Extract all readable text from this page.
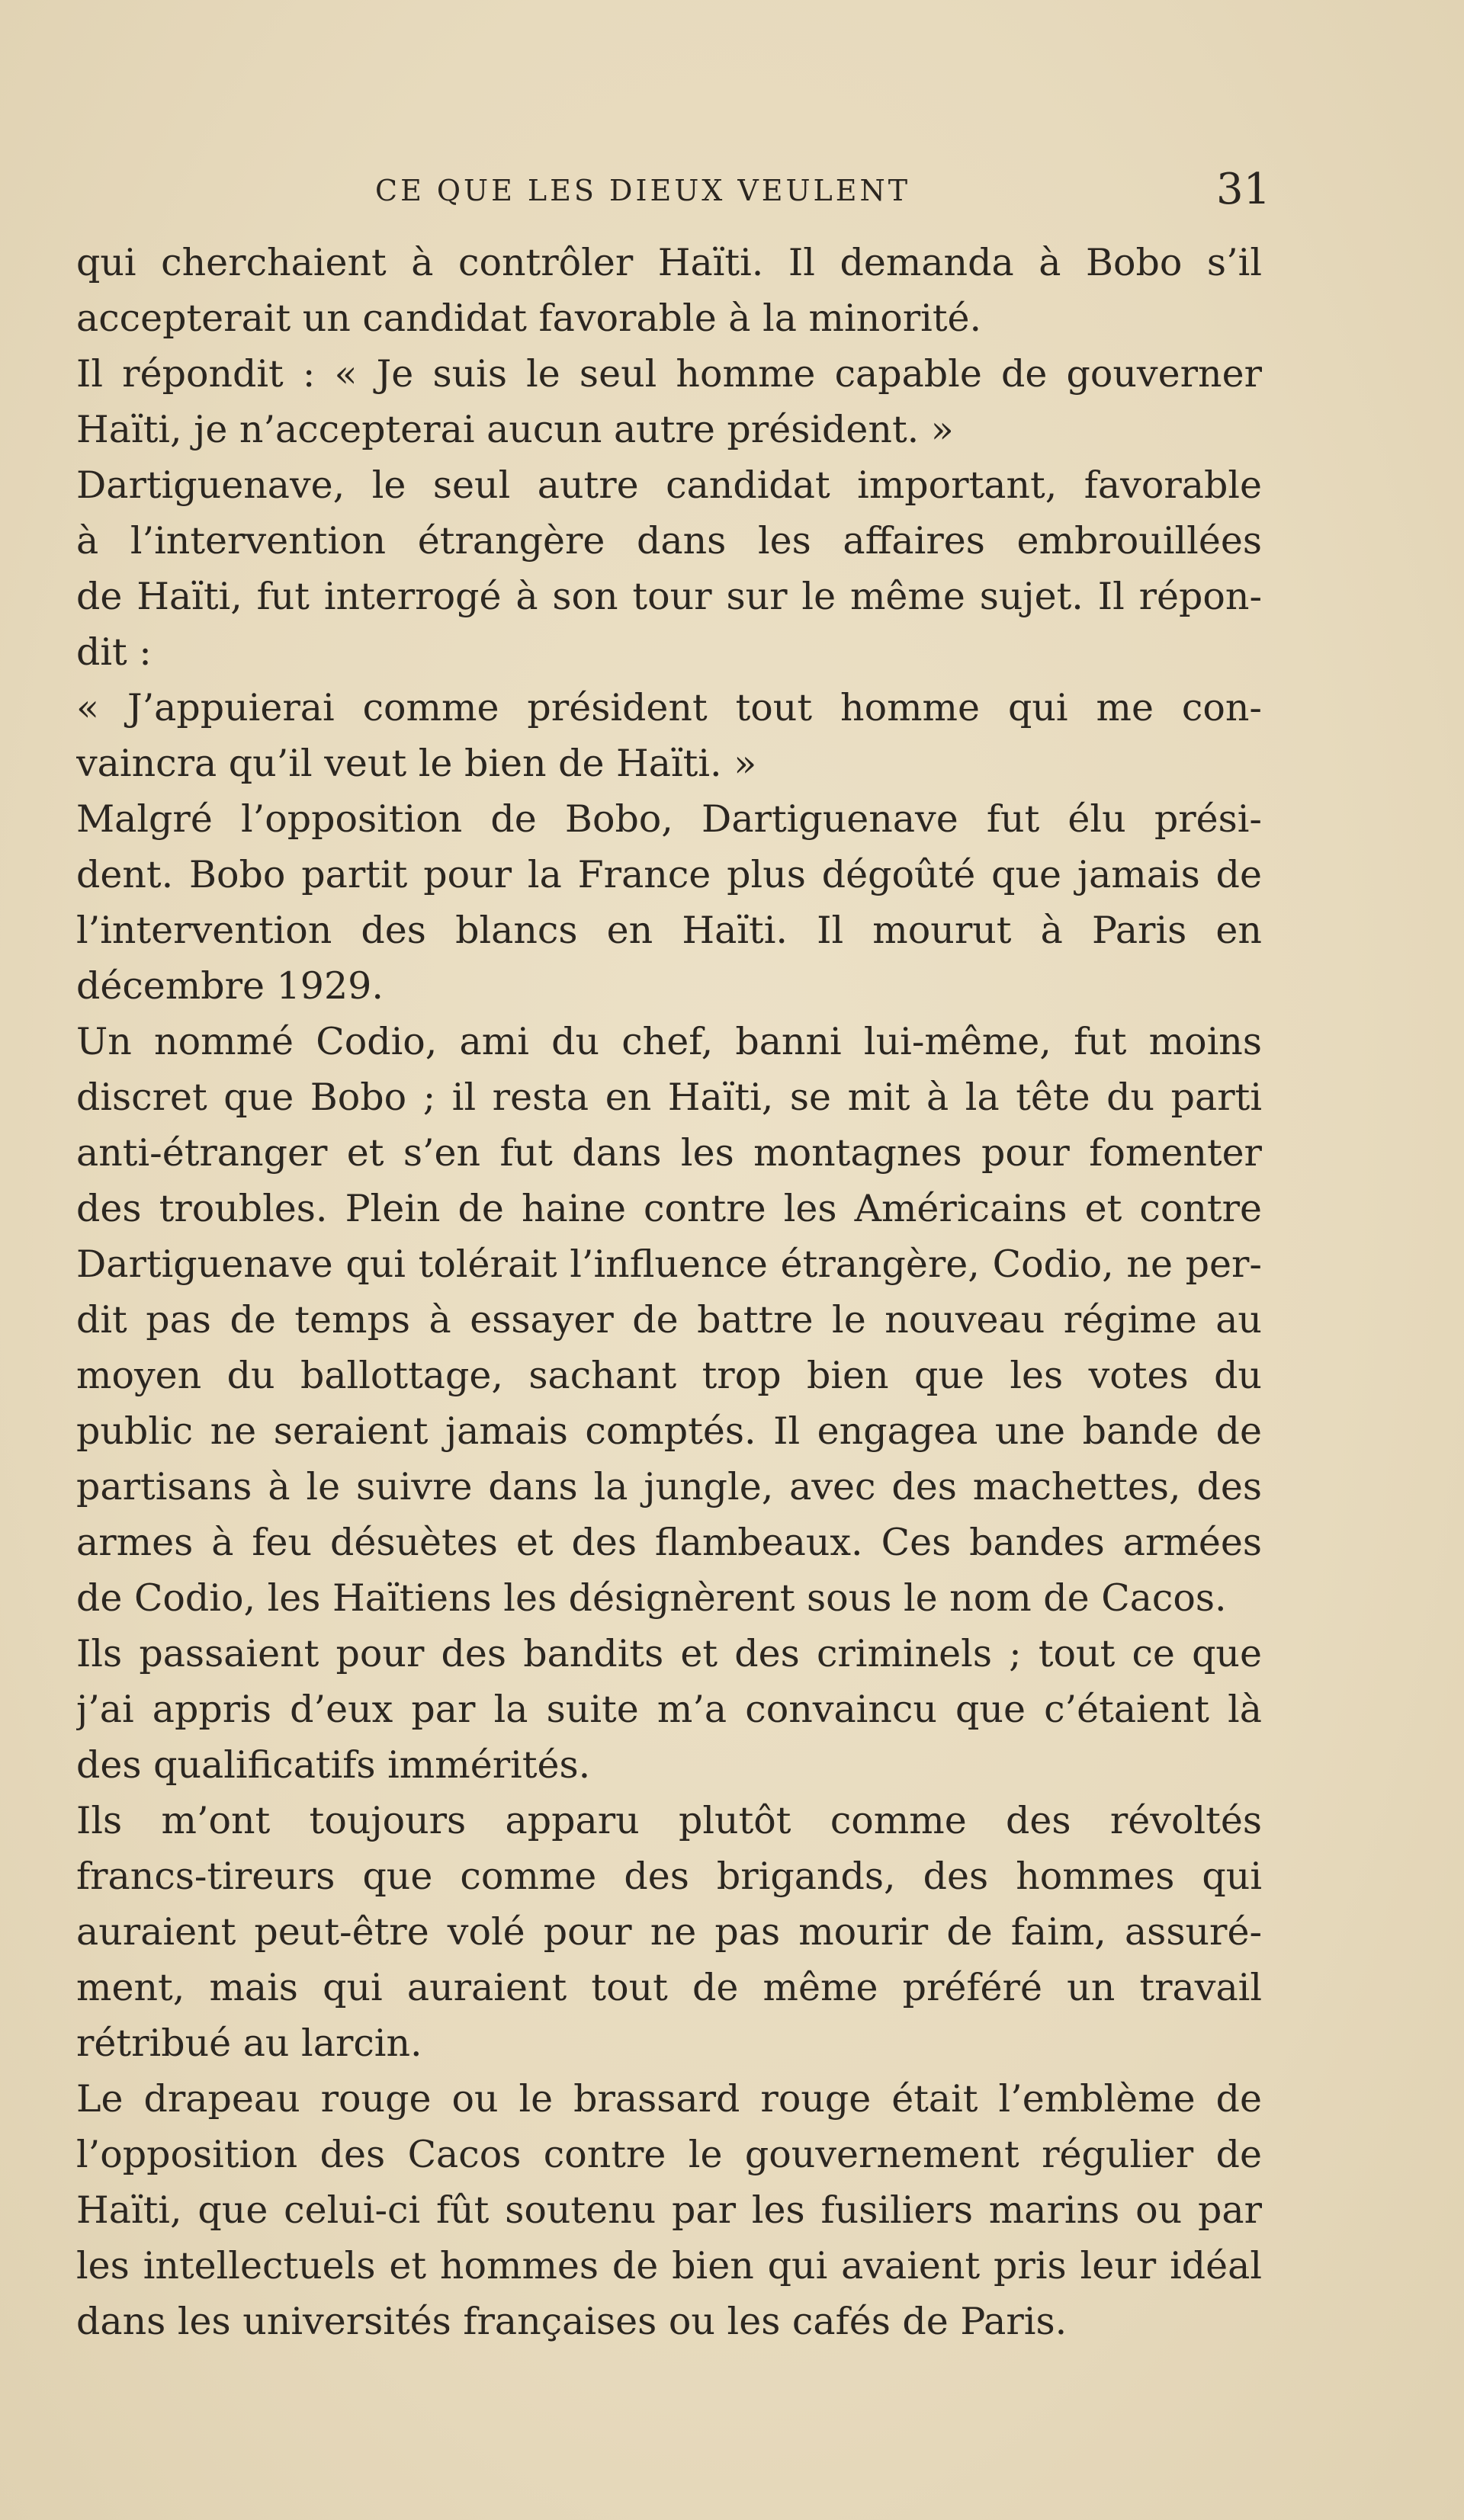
CE QUE LES DIEUX VEULENT	31
qui cherchaient à contrôler Haïti. Il demanda à Bobo s’il
accepterait un candidat favorable à la minorité.
Il répondit : « Je suis le seul homme capable de gouverner
Haïti, je n’accepterai aucun autre président. »
Dartiguenave, le seul autre candidat important, favorable
à l’intervention étrangère dans les affaires embrouillées
de Haïti, fut interrogé à son tour sur le même sujet. Il répon-
dit :
« J’appuierai comme président tout homme qui me con-
vaincra qu’il veut le bien de Haïti. »
Malgré l’opposition de Bobo, Dartiguenave fut élu prési-
dent. Bobo partit pour la France plus dégoûté que jamais de
l’intervention des blancs en Haïti. Il mourut à Paris en
décembre 1929.
Un nommé Codio, ami du chef, banni lui-même, fut moins
discret que Bobo ; il resta en Haïti, se mit à la tête du parti
anti-étranger et s’en fut dans les montagnes pour fomenter
des troubles. Plein de haine contre les Américains et contre
Dartiguenave qui tolérait l’influence étrangère, Codio, ne per-
dit pas de temps à essayer de battre le nouveau régime au
moyen du ballottage, sachant trop bien que les votes du
public ne seraient jamais comptés. Il engagea une bande de
partisans à le suivre dans la jungle, avec des machettes, des
armes à feu désuètes et des flambeaux. Ces bandes armées
de Codio, les Haïtiens les désignèrent sous le nom de Cacos.
Ils passaient pour des bandits et des criminels ; tout ce que
j’ai appris d’eux par la suite m’a convaincu que c’étaient là
des qualificatifs immérités.
Ils m’ont toujours apparu plutôt comme des révoltés
francs-tireurs que comme des brigands, des hommes qui
auraient peut-être volé pour ne pas mourir de faim, assuré-
ment, mais qui auraient tout de même préféré un travail
rétribué au larcin.
Le drapeau rouge ou le brassard rouge était l’emblème de
l’opposition des Cacos contre le gouvernement régulier de
Haïti, que celui-ci fût soutenu par les fusiliers marins ou par
les intellectuels et hommes de bien qui avaient pris leur idéal
dans les universités françaises ou les cafés de Paris.
